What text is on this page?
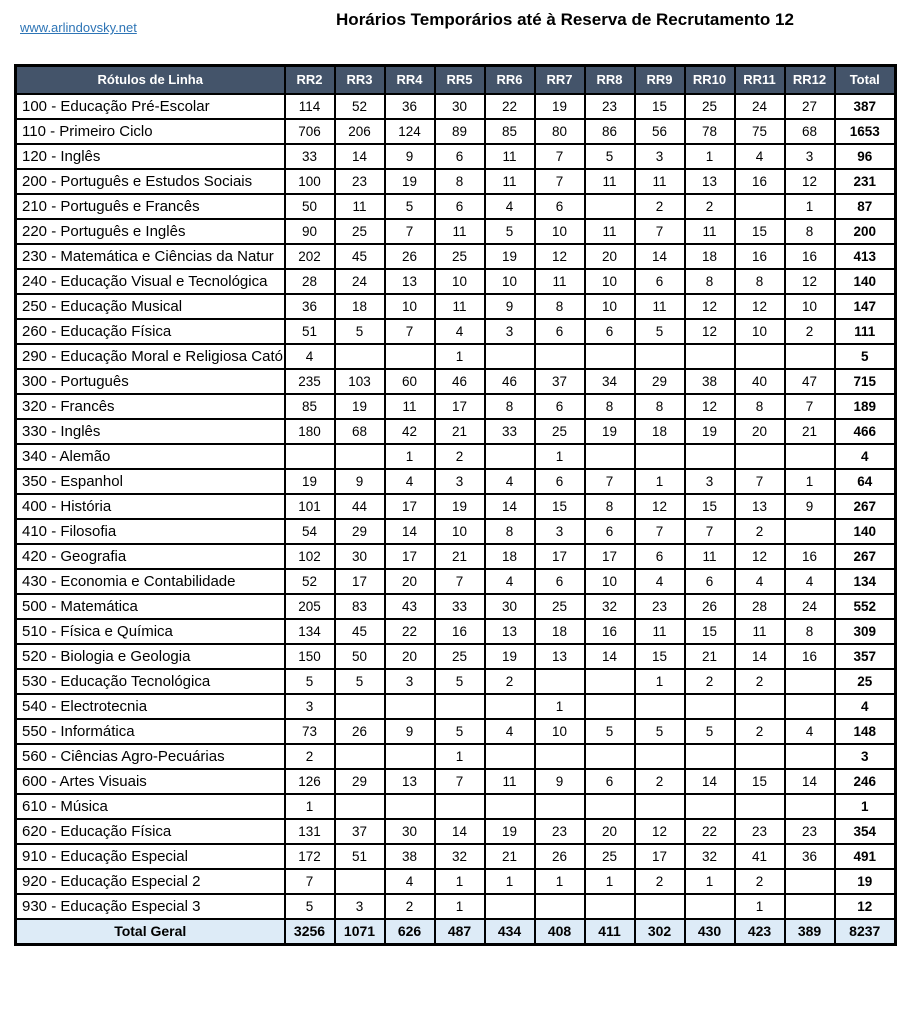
www.arlindovsky.net	Horários Temporários até à Reserva de Recrutamento 12
Rótulos de Linha	RR2	RR3	RR4	RR5	RR6	RR7	RR8	RR9	RR10	RR11	RR12	Total
100 - Educação Pré-Escolar	114	52	36	30	22	19	23	15	25	24	27	387
110 - Primeiro Ciclo	706	206	124	89	85	80	86	56	78	75	68	1653
120 - Inglês	33	14	9	6	11	7	5	3	1	4	3	96
200 - Português e Estudos Sociais	100	23	19	8	11	7	11	11	13	16	12	231
210 - Português e Francês	50	11	5	6	4	6		2	2		1	87
220 - Português e Inglês	90	25	7	11	5	10	11	7	11	15	8	200
230 - Matemática e Ciências da Natur	202	45	26	25	19	12	20	14	18	16	16	413
240 - Educação Visual e Tecnológica	28	24	13	10	10	11	10	6	8	8	12	140
250 - Educação Musical	36	18	10	11	9	8	10	11	12	12	10	147
260 - Educação Física	51	5	7	4	3	6	6	5	12	10	2	111
290 - Educação Moral e Religiosa Cató	4			1								5
300 - Português	235	103	60	46	46	37	34	29	38	40	47	715
320 - Francês	85	19	11	17	8	6	8	8	12	8	7	189
330 - Inglês	180	68	42	21	33	25	19	18	19	20	21	466
340 - Alemão			1	2		1						4
350 - Espanhol	19	9	4	3	4	6	7	1	3	7	1	64
400 - História	101	44	17	19	14	15	8	12	15	13	9	267
410 - Filosofia	54	29	14	10	8	3	6	7	7	2		140
420 - Geografia	102	30	17	21	18	17	17	6	11	12	16	267
430 - Economia e Contabilidade	52	17	20	7	4	6	10	4	6	4	4	134
500 - Matemática	205	83	43	33	30	25	32	23	26	28	24	552
510 - Física e Química	134	45	22	16	13	18	16	11	15	11	8	309
520 - Biologia e Geologia	150	50	20	25	19	13	14	15	21	14	16	357
530 - Educação Tecnológica	5	5	3	5	2			1	2	2		25
540 - Electrotecnia	3					1						4
550 - Informática	73	26	9	5	4	10	5	5	5	2	4	148
560 - Ciências Agro-Pecuárias	2			1								3
600 - Artes Visuais	126	29	13	7	11	9	6	2	14	15	14	246
610 - Música	1											1
620 - Educação Física	131	37	30	14	19	23	20	12	22	23	23	354
910 - Educação Especial	172	51	38	32	21	26	25	17	32	41	36	491
920 - Educação Especial 2	7		4	1	1	1	1	2	1	2		19
930 - Educação Especial 3	5	3	2	1						1		12
Total Geral	3256	1071	626	487	434	408	411	302	430	423	389	8237
